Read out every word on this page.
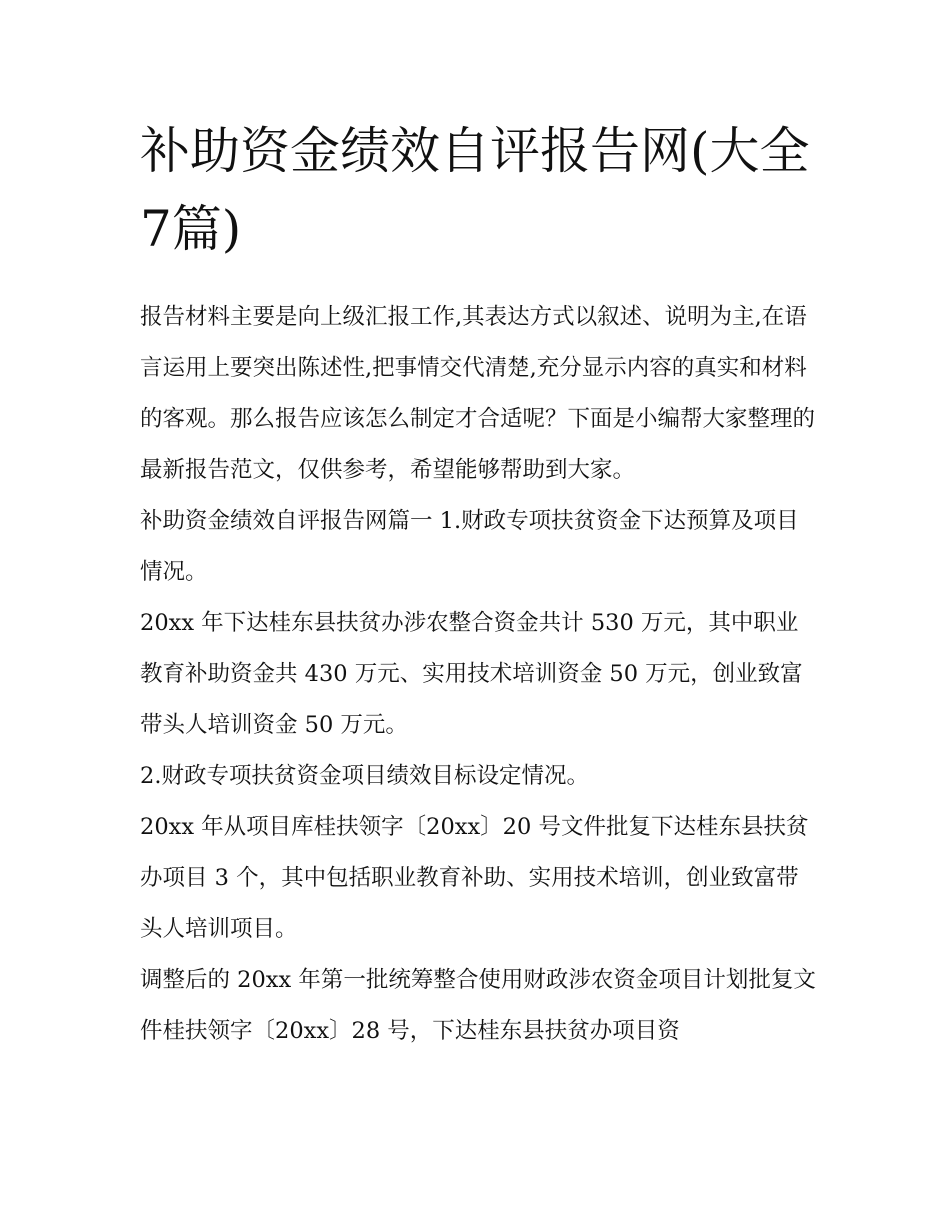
补助资金绩效自评报告网(大全7篇)

报告材料主要是向上级汇报工作,其表达方式以叙述、说明为主,在语言运用上要突出陈述性,把事情交代清楚,充分显示内容的真实和材料的客观。那么报告应该怎么制定才合适呢？下面是小编帮大家整理的最新报告范文，仅供参考，希望能够帮助到大家。

补助资金绩效自评报告网篇一 1.财政专项扶贫资金下达预算及项目情况。

20xx 年下达桂东县扶贫办涉农整合资金共计 530 万元，其中职业教育补助资金共 430 万元、实用技术培训资金 50 万元，创业致富带头人培训资金 50 万元。

2.财政专项扶贫资金项目绩效目标设定情况。

20xx 年从项目库桂扶领字〔20xx〕20 号文件批复下达桂东县扶贫办项目 3 个，其中包括职业教育补助、实用技术培训，创业致富带头人培训项目。

调整后的 20xx 年第一批统筹整合使用财政涉农资金项目计划批复文件桂扶领字〔20xx〕28 号，下达桂东县扶贫办项目资
